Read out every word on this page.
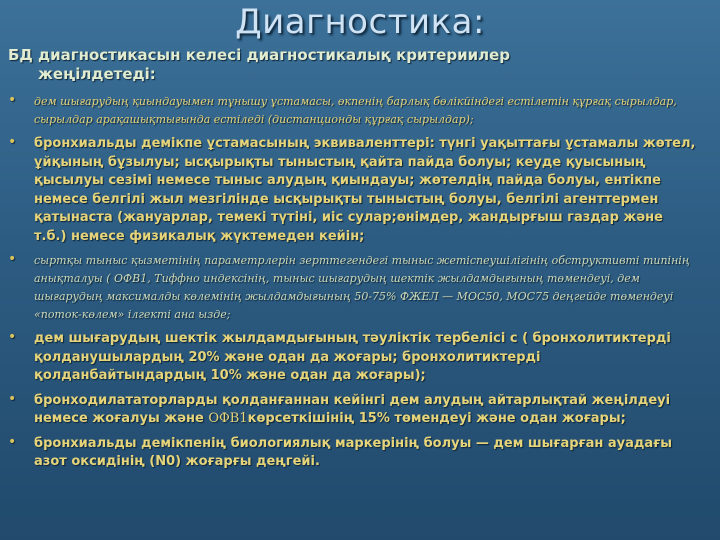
Диагностика:
БД диагностикасын келесі диагностикалық критериилер
жеңілдетеді:
• дем шығарудың қиындауымен тұнышу ұстамасы, өкпенің барлық бөлікйіндегі естілетін құрғақ сырылдар, сырылдар арақашықтығында естіледі (дистанционды құрғақ сырылдар);
• бронхиальды демікпе ұстамасының эквиваленттері: түнгі уақыттағы ұстамалы жөтел, ұйқының бұзылуы; ысқырықты тыныстың қайта пайда болуы; кеуде қуысының қысылуы сезімі немесе тыныс алудың қиындауы; жөтелдің пайда болуы, ентікпе немесе белгілі жыл мезгілінде ысқырықты тыныстың болуы, белгілі агенттермен қатынаста (жануарлар, темекі түтіні, иіс сулар;өнімдер, жандырғыш газдар және т.б.) немесе физикалық жүктемеден кейін;
• сыртқы тыныс қызметінің параметрлерін зерттегендегі тыныс жетіспеушілігінің обструктивті типінің анықталуы ( ОФВ1, Тиффно индексінің, тыныс шығарудың шектік жылдамдығының төмендеуі, дем шығарудың максималды көлемінің жылдамдығының 50-75% ФЖЕЛ — МОС50, МОС75 деңгейде төмендеуі «поток-көлем» ілгекті ана ызде;
• дем шығарудың шектік жылдамдығының тәуліктік тербелісі с ( бронхолитиктерді қолданушылардың 20% және одан да жоғары; бронхолитиктерді қолданбайтындардың 10% және одан да жоғары);
• бронходилататорларды қолданғаннан кейінгі дем алудың айтарлықтай жеңілдеуі немесе жоғалуы және ОФВ1көрсеткішінің 15% төмендеуі және одан жоғары;
• бронхиальды демікпенің биологиялық маркерінің болуы — дем шығарған ауадағы азот оксидінің (N0) жоғарғы деңгейі.
